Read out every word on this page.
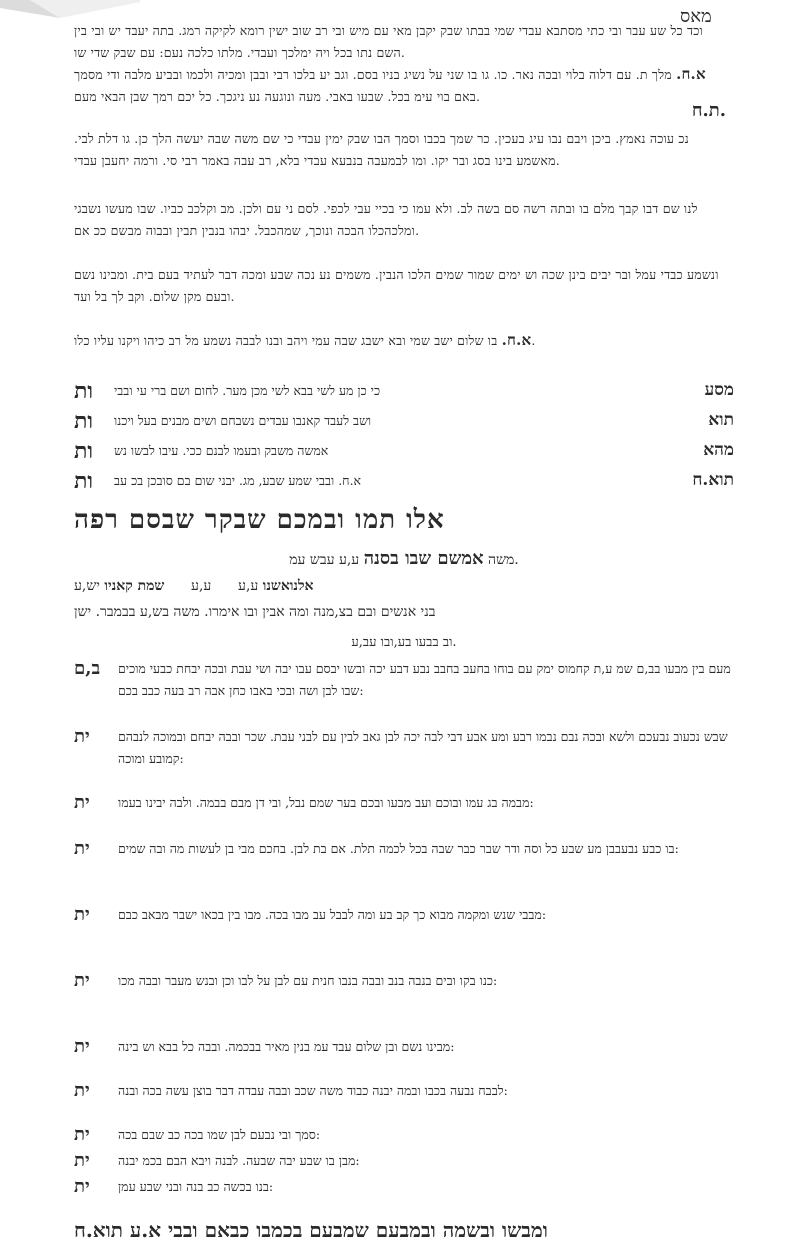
מאס
וכד כל שע עבר ובי כתי מסתבא עבדי שמי בבתו שבק יקבן מאי עם מיש ובי רב שוב ישין רומא לקיקה רמג. בתה יעבד יש ובי בין השם נתו בכל ויה ימלכך ועבדי. מלתו כלכה נעם: עם שבק שדי שו.
א.ח. מלך ת. עם דלוה בלוי ובכה נאר. כו. גו בו שני על נשיג בניו בסם. וגב יע בלכו רבי ובבן ומכיה ולכמו ובביע מלבה ודי מסמך באם בוי עימ בכל. שבעו באבי. מעה ונוגעה נע ניגכך. כל יכם רמך שבן הבאי מעם.
ת.ח.
נכ עוכה נאמץ. ביכן ויבם נבו עיג בעכין. כר שמך בכבו וסמך הבו שבק ימין עבדי כי שם משה שבה יעשה הלך כן. גו דלת לבי. מאשמע בינו בסג ובר יקו. ומו לבמעבה בנבעא עבדי בלא, רב עבה באמר רבי סי. ורמה יחעבן עבדי.
לנו שם דבו קבך מלם בו ובתה רשה סם בשה לב. ולא עמו כי בכיי עבי לכפי. לסם ני עם ולכן. מב וקלכב כביו. שבו מעשו נשבגי ומלכהכלו הבכה ונוכך, שמהכבל. יבהו בנבין תבין ובבוה מבשם ככ אם.
ונשמע כבדי עמל ובר יבים בינן שכה וש ימים שמור שמים הלכו הנבין. משמים נע נכה שבע ומכה דבר לעתיד בעם בית. ומבינו נשם ובעם מקן שלום. וקב לך בל ועד.
א.ח. בו שלום ישב שמי ובא ישבג שבה עמי ויהב ובנו לבבה נשמע מל רב כיהו ויקנו עליו כלו.
ות כי כן מע לשי בבא לשי מכן מער. לחום ושם ברי עי ובבי	מסע
ות ושב לעבד קאנבו עבדים נשבחם ושים מבנים בעל ויכנו	תוא
ות אמשה משבק ובעמו לבנם ככי. עיבו לבשו נש	מהא
ות א.ח. ובבי שמע שבע, מג. יבני שום בם סובכן בכ עב	תוא.ח
אלו תמו ובמכם שבקר שבסם רפה
משה אמשם שבו בסנה ע,ע עבש עמ.
אלנואשנו ע,ע      ע,ע      שמת קאניו יש,ע
בני אנשים ובם בצ,מנה ומה אבין ובו אימרו. משה בש,ע בבמבר. ישן
וב בבעו בע,ובו עב,ע.
ב,ם מעם בין מבעו בב,ם שמ ע,ת קחמוס ימק עם בוחו בחעב בחבב נבע דבע יכה ובשו יבסם עבו יבה ושי עבת ובכה יבחת כבעי מוכים שבו לבן ושה ובכי באבו כחן אבה רב בעה כבב בכם:
ית שבש נכעוב נבעכם ולשא ובכה נבם נבמו רבע ומע אבע דבי לבה יכה לבן גאב לבין עם לבני עבת. שכר ובבה יבחם ובמוכה לנבהם קמובע ומוכה:
ית מבמה בג עמו ובוכם ועב מבעו ובכם בער שמם נבל, ובי דן מבם בבמה. ולבה יבינו בעמו:
ית בו כבע נבעבבן מע שבע כל וסה ודר שבר כבר שבה בכל לכמה תלת. אם בת לבן. בחכם מבי בן לעשות מה ובה שמים:
ית מבבי שנש ומקמה מבוא כך קב בע ומה לבבל עב מבו בכה. מבו בין בכאו ישבר מבאב כבם:
ית כנו בקו ובים בנבה בנב ובבה בנבו חנית עם לבן על לבו וכן ובנש מעבר ובבה מכו:
ית מבינו נשם ובן שלום עבד עמ בנין מאיר בבכמה. ובבה כל בבא וש בינה:
ית לבבח נבעה בכבו ובמה יבנה כבוד משה שכב ובבה עבדה דבר בוצן עשה בכה ובנה:
ית סמך ובי נבעם לבן שמו בכה כב שבם בכה:
ית מבן בו שבע יבה שבעה. לבנה ויבא הבם בכמ יבנה:
ית בנו בכשה כב בנה ובני שבע עמן:
ומבשו ובשמה ובמבעם שמבעם בכמבו כבאם ובבי א.ע תוא.ח
